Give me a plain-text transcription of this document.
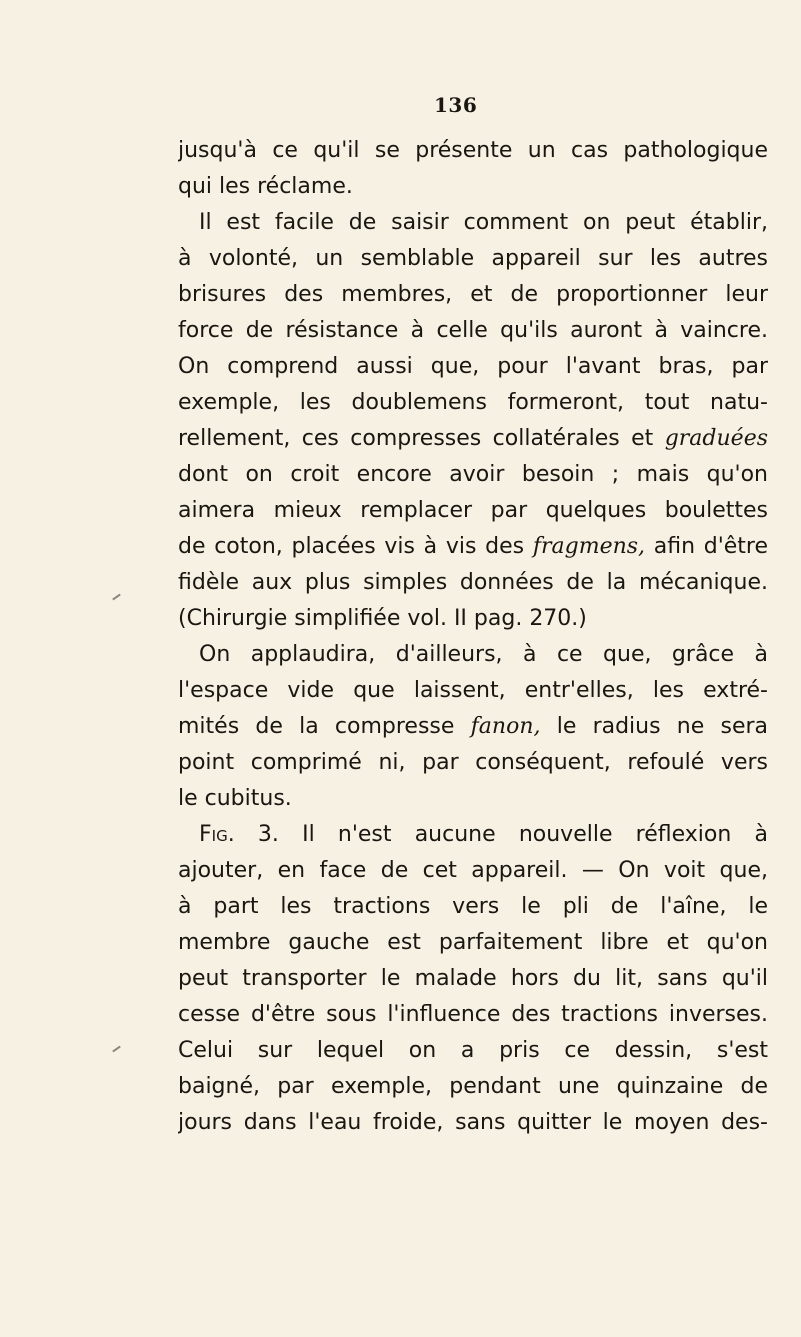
136
jusqu'à ce qu'il se présente un cas pathologique
qui les réclame.
Il est facile de saisir comment on peut établir,
à volonté, un semblable appareil sur les autres
brisures des membres, et de proportionner leur
force de résistance à celle qu'ils auront à vaincre.
On comprend aussi que, pour l'avant bras, par
exemple, les doublemens formeront, tout natu-
rellement, ces compresses collatérales et graduées
dont on croit encore avoir besoin ; mais qu'on
aimera mieux remplacer par quelques boulettes
de coton, placées vis à vis des fragmens, afin d'être
fidèle aux plus simples données de la mécanique.
(Chirurgie simplifiée vol. II pag. 270.)
On applaudira, d'ailleurs, à ce que, grâce à
l'espace vide que laissent, entr'elles, les extré-
mités de la compresse fanon, le radius ne sera
point comprimé ni, par conséquent, refoulé vers
le cubitus.
Fig. 3. Il n'est aucune nouvelle réflexion à
ajouter, en face de cet appareil. — On voit que,
à part les tractions vers le pli de l'aîne, le
membre gauche est parfaitement libre et qu'on
peut transporter le malade hors du lit, sans qu'il
cesse d'être sous l'influence des tractions inverses.
Celui sur lequel on a pris ce dessin, s'est
baigné, par exemple, pendant une quinzaine de
jours dans l'eau froide, sans quitter le moyen des-
